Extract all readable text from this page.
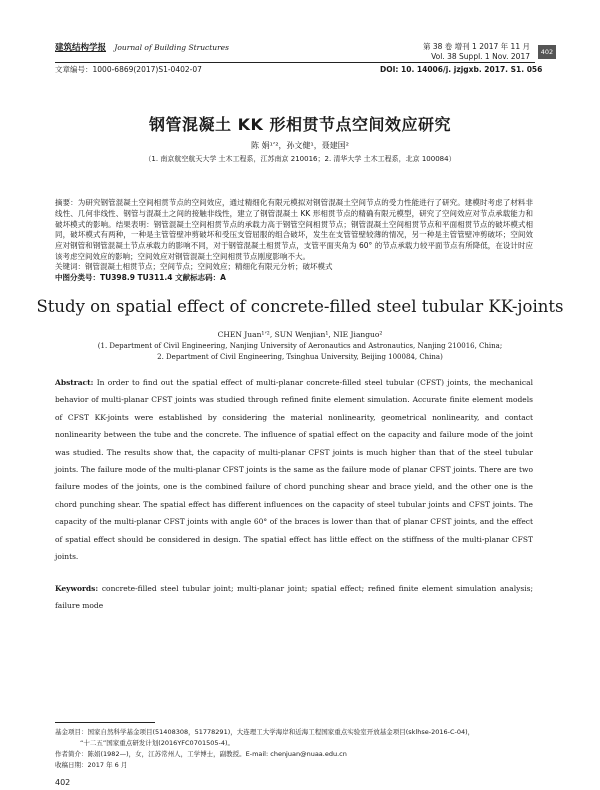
建筑结构学报 Journal of Building Structures	第 38 卷 增刊 1 2017 年 11 月
Vol. 38 Suppl. 1 Nov. 2017	402
文章编号：1000-6869(2017)S1-0402-07	DOI: 10. 14006/j. jzjgxb. 2017. S1. 056
钢管混凝土 KK 形相贯节点空间效应研究
陈 娟¹ʼ²，孙文健¹，聂建国²
（1. 南京航空航天大学 土木工程系，江苏南京 210016；2. 清华大学 土木工程系，北京 100084）
摘要：为研究钢管混凝土空间相贯节点的空间效应，通过精细化有限元模拟对钢管混凝土空间节点的受力性能进行了研究。建模时考虑了材料非线性、几何非线性、钢管与混凝土之间的接触非线性，建立了钢管混凝土 KK 形相贯节点的精确有限元模型，研究了空间效应对节点承载能力和破坏模式的影响。结果表明：钢管混凝土空间相贯节点的承载力高于钢管空间相贯节点；钢管混凝土空间相贯节点和平面相贯节点的破坏模式相同，破坏模式有两种，一种是主管管壁冲剪破坏和受压支管屈服的组合破坏，发生在支管管壁较薄的情况，另一种是主管管壁冲剪破坏；空间效应对钢管和钢管混凝土节点承载力的影响不同，对于钢管混凝土相贯节点，支管平面夹角为 60° 的节点承载力较平面节点有所降低，在设计时应该考虑空间效应的影响；空间效应对钢管混凝土空间相贯节点刚度影响不大。
关键词：钢管混凝土相贯节点；空间节点；空间效应；精细化有限元分析；破坏模式
中图分类号：TU398.9 TU311.4 文献标志码：A
Study on spatial effect of concrete-filled steel tubular KK-joints
CHEN Juan¹ʼ², SUN Wenjian¹, NIE Jianguo²
(1. Department of Civil Engineering, Nanjing University of Aeronautics and Astronautics, Nanjing 210016, China;
2. Department of Civil Engineering, Tsinghua University, Beijing 100084, China)
Abstract: In order to find out the spatial effect of multi-planar concrete-filled steel tubular (CFST) joints, the mechanical behavior of multi-planar CFST joints was studied through refined finite element simulation. Accurate finite element models of CFST KK-joints were established by considering the material nonlinearity, geometrical nonlinearity, and contact nonlinearity between the tube and the concrete. The influence of spatial effect on the capacity and failure mode of the joint was studied. The results show that, the capacity of multi-planar CFST joints is much higher than that of the steel tubular joints. The failure mode of the multi-planar CFST joints is the same as the failure mode of planar CFST joints. There are two failure modes of the joints, one is the combined failure of chord punching shear and brace yield, and the other one is the chord punching shear. The spatial effect has different influences on the capacity of steel tubular joints and CFST joints. The capacity of the multi-planar CFST joints with angle 60° of the braces is lower than that of planar CFST joints, and the effect of spatial effect should be considered in design. The spatial effect has little effect on the stiffness of the multi-planar CFST joints.
Keywords: concrete-filled steel tubular joint; multi-planar joint; spatial effect; refined finite element simulation analysis; failure mode
基金项目：国家自然科学基金项目(51408308，51778291)，大连理工大学海岸和近海工程国家重点实验室开放基金项目(sklhse-2016-C-04)，
“十二五”国家重点研发计划(2016YFC0701505-4)。
作者简介：陈娟(1982—)，女，江苏常州人，工学博士，副教授。E-mail: chenjuan@nuaa.edu.cn
收稿日期：2017 年 6 月
402
